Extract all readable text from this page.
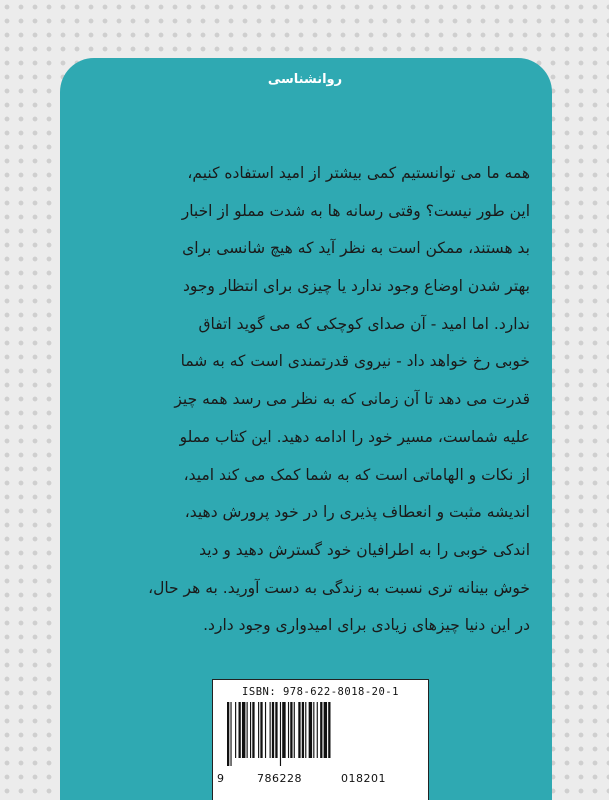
روانشناسی
همه ما می توانستیم کمی بیشتر از امید استفاده کنیم،
این طور نیست؟ وقتی رسانه ها به شدت مملو از اخبار
بد هستند، ممکن است به نظر آید که هیچ شانسی برای
بهتر شدن اوضاع وجود ندارد یا چیزی برای انتظار وجود
ندارد. اما امید - آن صدای کوچکی که می گوید اتفاق
خوبی رخ خواهد داد - نیروی قدرتمندی است که به شما
قدرت می دهد تا آن زمانی که به نظر می رسد همه چیز
علیه شماست، مسیر خود را ادامه دهید. این کتاب مملو
از نکات و الهاماتی است که به شما کمک می کند امید،
اندیشه مثبت و انعطاف پذیری را در خود پرورش دهید،
اندکی خوبی را به اطرافیان خود گسترش دهید و دید
خوش بینانه تری نسبت به زندگی به دست آورید. به هر حال،
در این دنیا چیزهای زیادی برای امیدواری وجود دارد.
ISBN: 978-622-8018-20-1
9	786228	018201
